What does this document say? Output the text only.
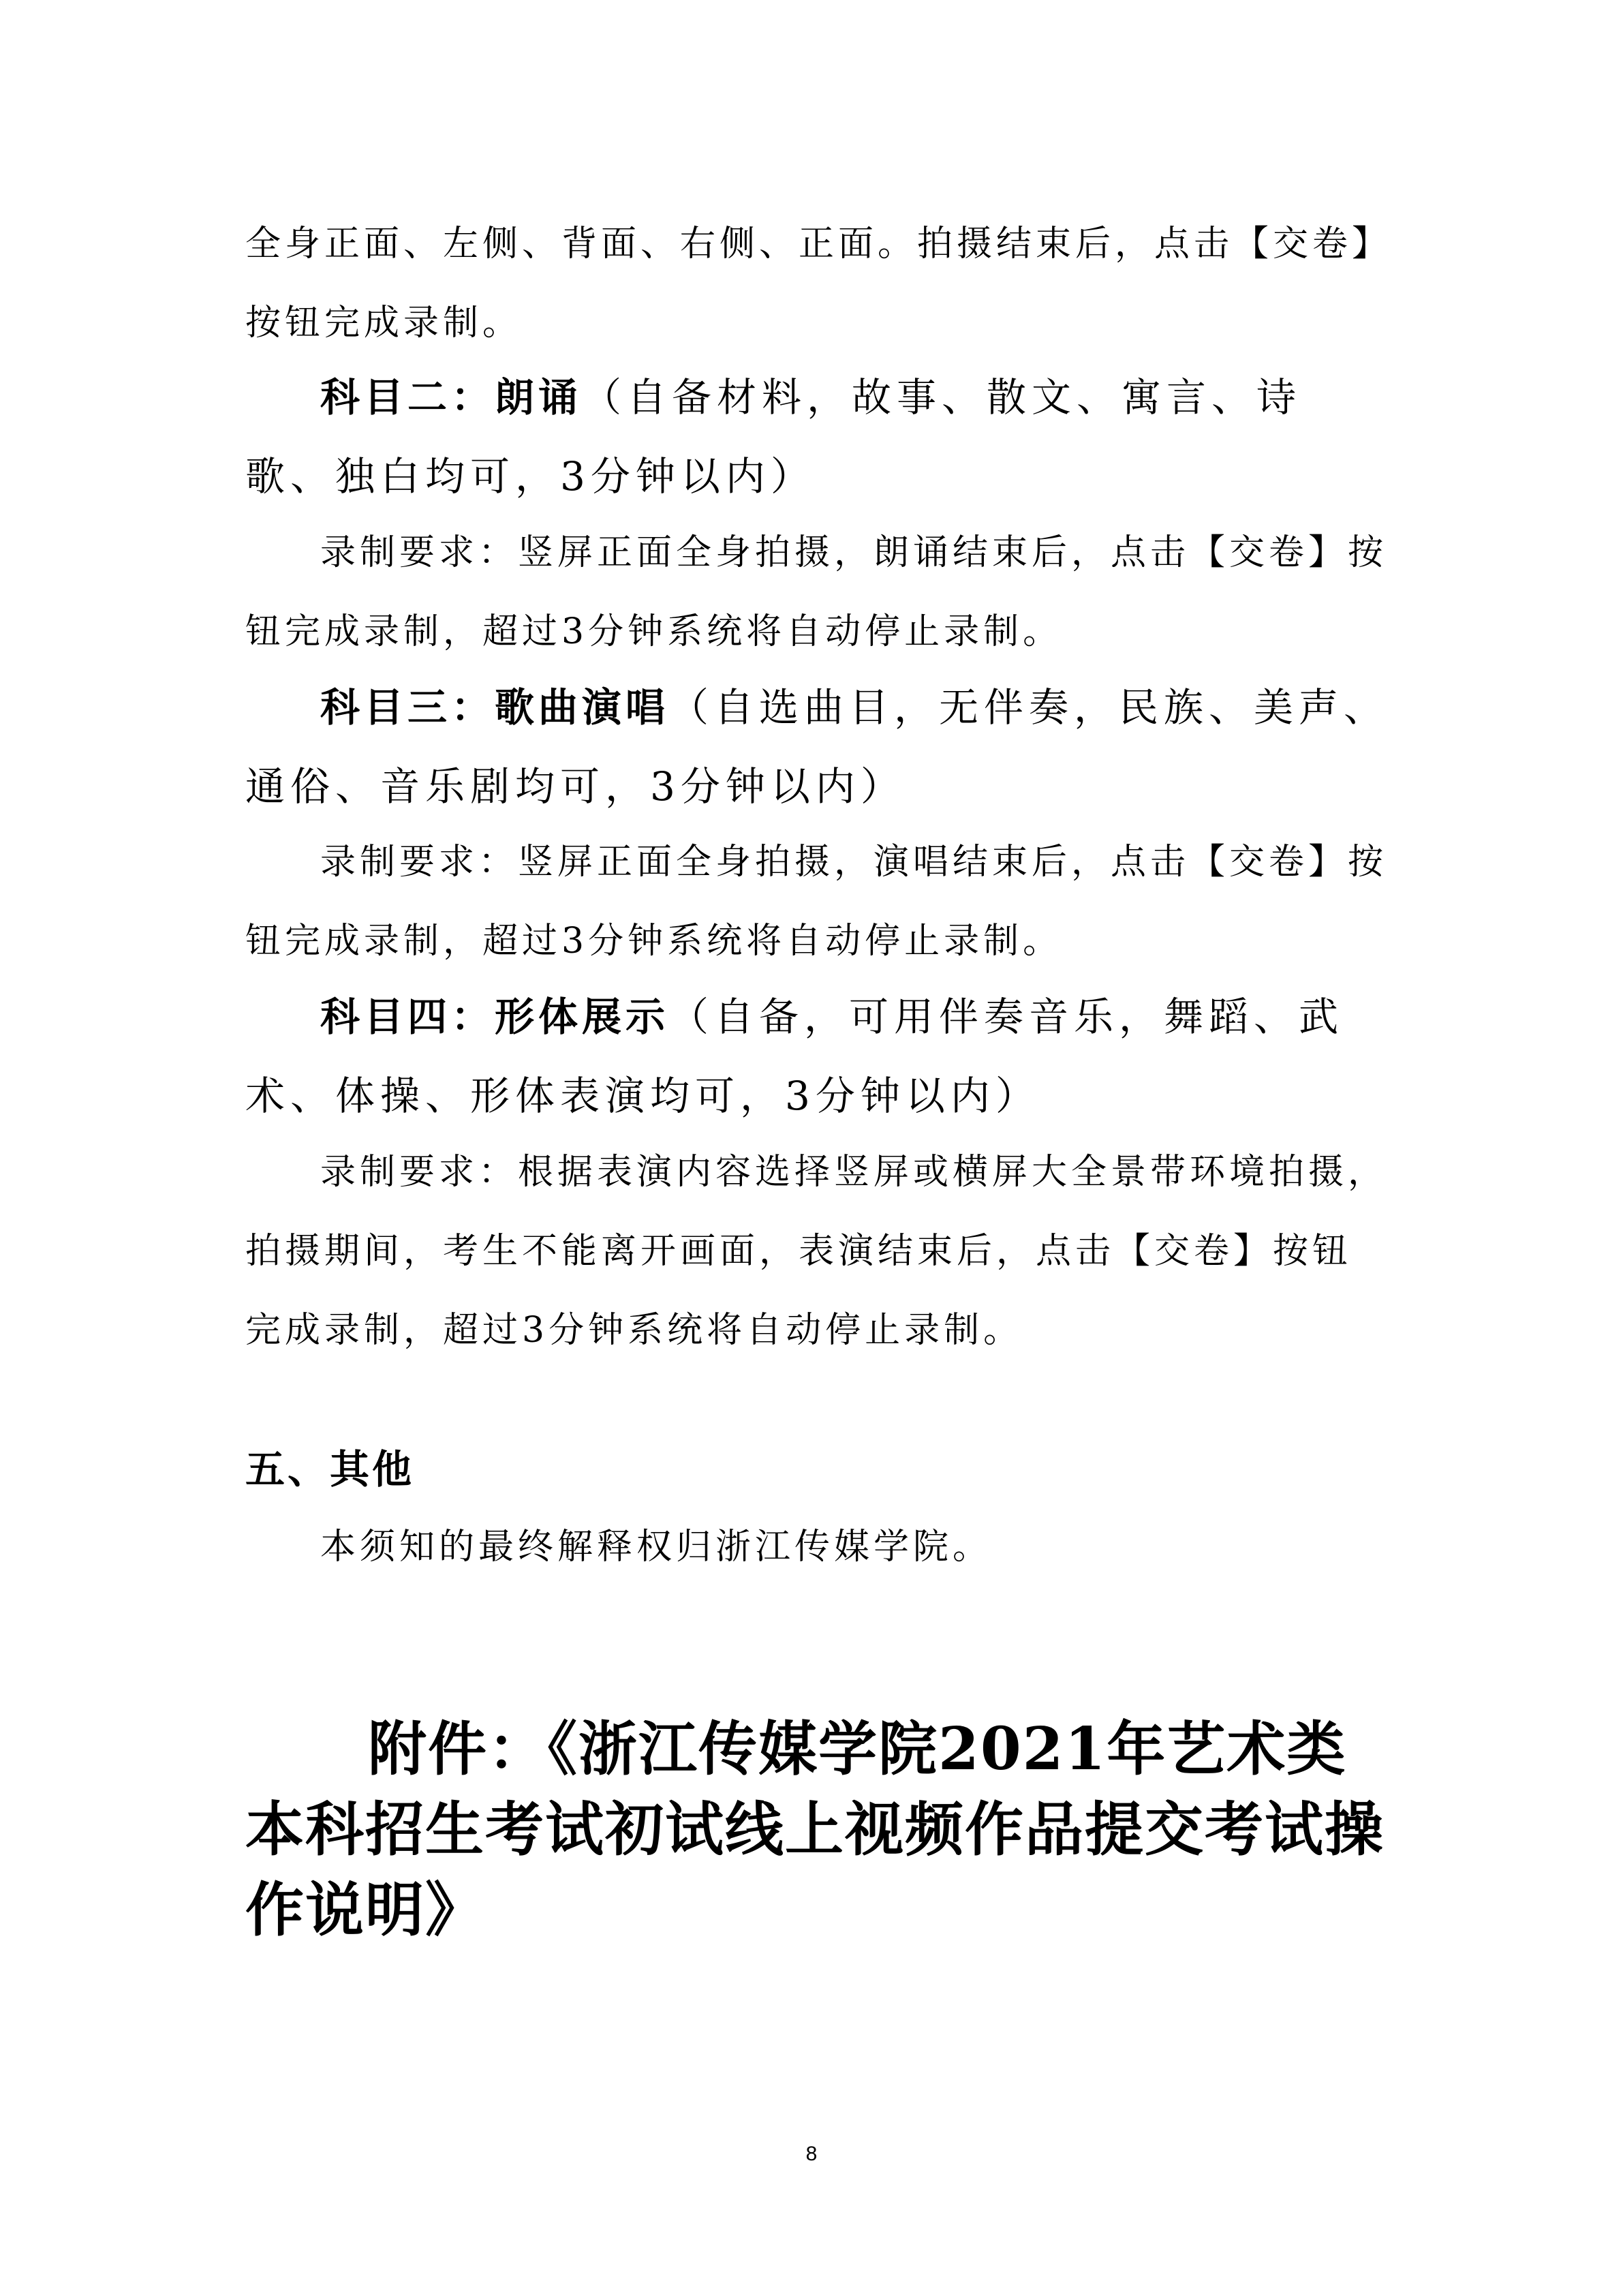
全身正面、左侧、背面、右侧、正面。拍摄结束后，点击【交卷】按钮完成录制。

科目二：朗诵（自备材料，故事、散文、寓言、诗歌、独白均可，3分钟以内）

录制要求：竖屏正面全身拍摄，朗诵结束后，点击【交卷】按钮完成录制，超过3分钟系统将自动停止录制。

科目三：歌曲演唱（自选曲目，无伴奏，民族、美声、通俗、音乐剧均可，3分钟以内）

录制要求：竖屏正面全身拍摄，演唱结束后，点击【交卷】按钮完成录制，超过3分钟系统将自动停止录制。

科目四：形体展示（自备，可用伴奏音乐，舞蹈、武术、体操、形体表演均可，3分钟以内）

录制要求：根据表演内容选择竖屏或横屏大全景带环境拍摄，拍摄期间，考生不能离开画面，表演结束后，点击【交卷】按钮完成录制，超过3分钟系统将自动停止录制。

五、其他

本须知的最终解释权归浙江传媒学院。

附件：《浙江传媒学院2021年艺术类本科招生考试初试线上视频作品提交考试操作说明》

8
